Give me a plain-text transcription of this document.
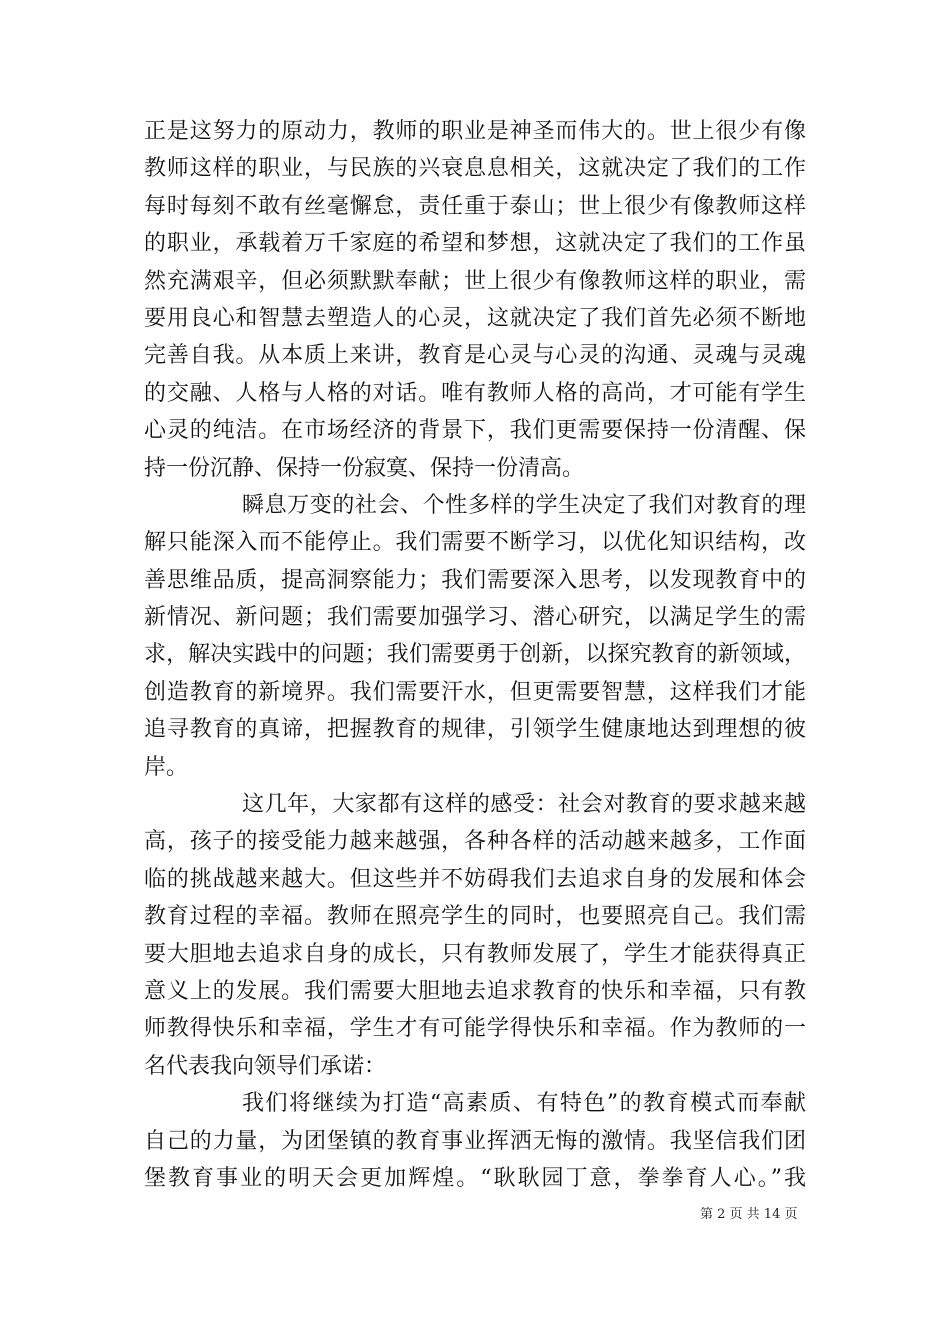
正是这努力的原动力，教师的职业是神圣而伟大的。世上很少有像
教师这样的职业，与民族的兴衰息息相关，这就决定了我们的工作
每时每刻不敢有丝毫懈怠，责任重于泰山；世上很少有像教师这样
的职业，承载着万千家庭的希望和梦想，这就决定了我们的工作虽
然充满艰辛，但必须默默奉献；世上很少有像教师这样的职业，需
要用良心和智慧去塑造人的心灵，这就决定了我们首先必须不断地
完善自我。从本质上来讲，教育是心灵与心灵的沟通、灵魂与灵魂
的交融、人格与人格的对话。唯有教师人格的高尚，才可能有学生
心灵的纯洁。在市场经济的背景下，我们更需要保持一份清醒、保
持一份沉静、保持一份寂寞、保持一份清高。
瞬息万变的社会、个性多样的学生决定了我们对教育的理
解只能深入而不能停止。我们需要不断学习，以优化知识结构，改
善思维品质，提高洞察能力；我们需要深入思考，以发现教育中的
新情况、新问题；我们需要加强学习、潜心研究，以满足学生的需
求，解决实践中的问题；我们需要勇于创新，以探究教育的新领域，
创造教育的新境界。我们需要汗水，但更需要智慧，这样我们才能
追寻教育的真谛，把握教育的规律，引领学生健康地达到理想的彼
岸。
这几年，大家都有这样的感受：社会对教育的要求越来越
高，孩子的接受能力越来越强，各种各样的活动越来越多，工作面
临的挑战越来越大。但这些并不妨碍我们去追求自身的发展和体会
教育过程的幸福。教师在照亮学生的同时，也要照亮自己。我们需
要大胆地去追求自身的成长，只有教师发展了，学生才能获得真正
意义上的发展。我们需要大胆地去追求教育的快乐和幸福，只有教
师教得快乐和幸福，学生才有可能学得快乐和幸福。作为教师的一
名代表我向领导们承诺：
我们将继续为打造“高素质、有特色”的教育模式而奉献
自己的力量，为团堡镇的教育事业挥洒无悔的激情。我坚信我们团
堡教育事业的明天会更加辉煌。“耿耿园丁意，拳拳育人心。”我
第 2 页 共 14 页
